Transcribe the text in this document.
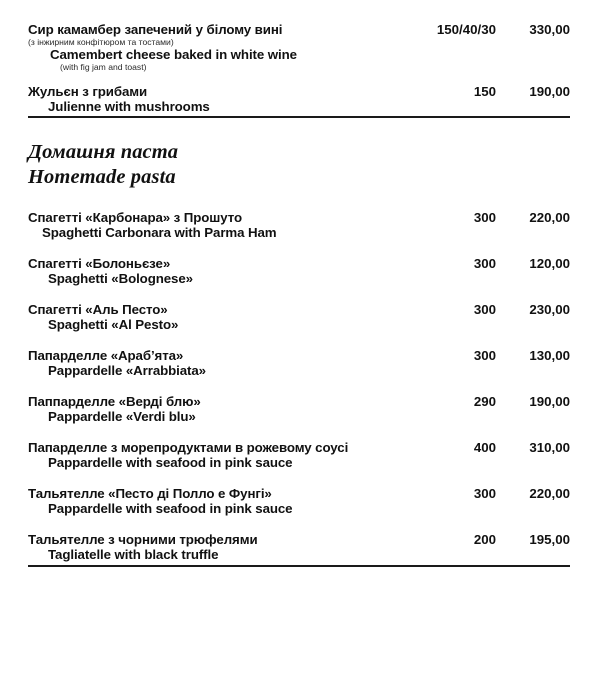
Сир камамбер запечений у білому вині	150/40/30	330,00
(з інжирним конфітюром та тостами)
Camembert cheese baked in white wine
(with fig jam and toast)
Жульєн з грибами	150	190,00
Julienne with mushrooms
Домашня паста
Homemade pasta
Спагетті «Карбонара» з Прошуто	300	220,00
Spaghetti Carbonara with Parma Ham
Спагетті «Болоньєзе»	300	120,00
Spaghetti «Bolognese»
Спагетті «Аль Песто»	300	230,00
Spaghetti «Al Pesto»
Папарделле «Араб’ята»	300	130,00
Pappardelle «Arrabbiata»
Паппарделле «Верді блю»	290	190,00
Pappardelle «Verdi blu»
Папарделле з морепродуктами в рожевому соусі	400	310,00
Pappardelle with seafood in pink sauce
Тальятелле «Песто ді Полло е Фунгі»	300	220,00
Pappardelle with seafood in pink sauce
Тальятелле з чорними трюфелями	200	195,00
Tagliatelle with black truffle
